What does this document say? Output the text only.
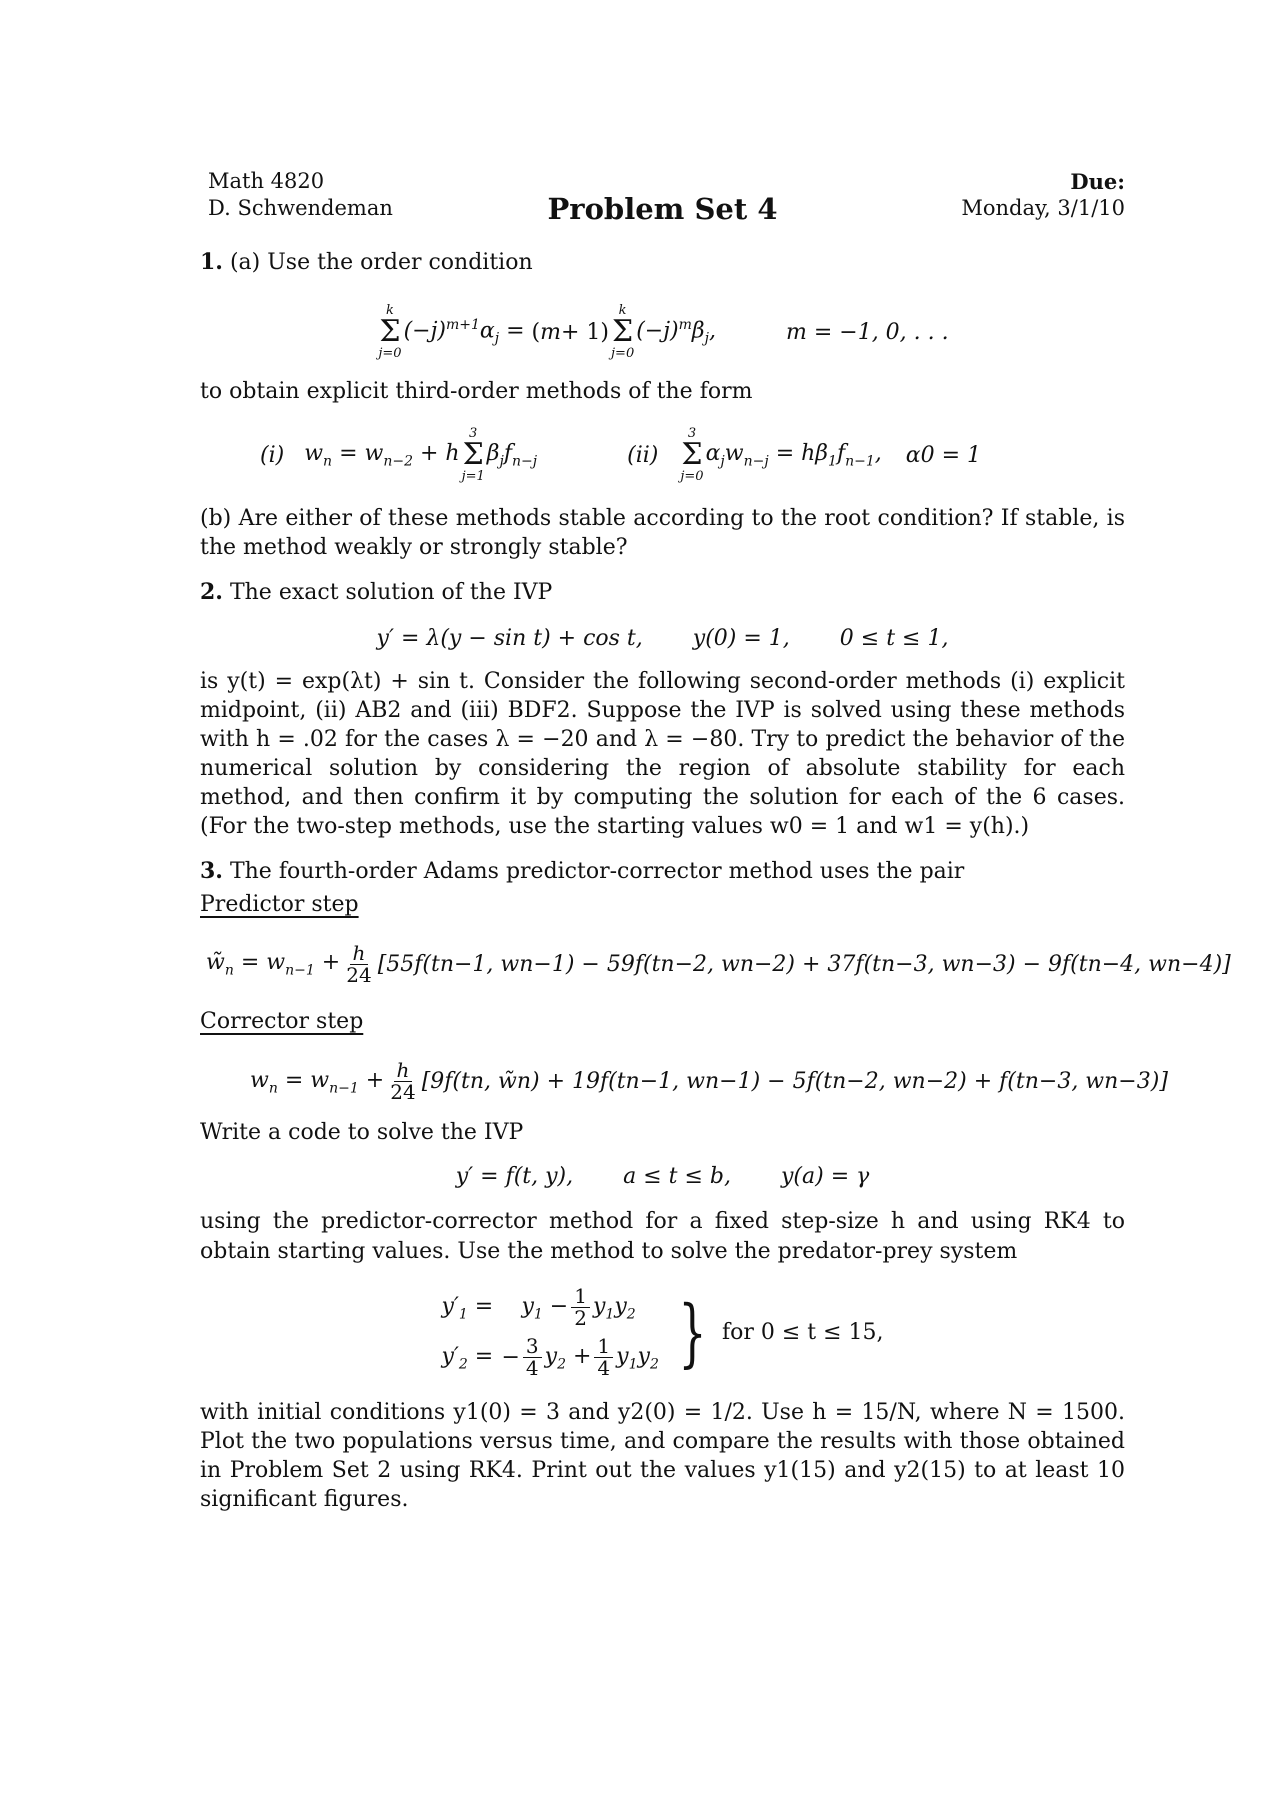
Math 4820
D. Schwendeman	Problem Set 4
Due:
Monday, 3/1/10

1. (a) Use the order condition

k
Σ
j=0
$(-j)^{m+1}\alpha_j$ = ( m + 1)
k
Σ
j=0
$(-j)^m\beta_j$,	m = −1, 0, . . .

to obtain explicit third-order methods of the form

(i) $w_n = w_{n-2} + h$
3
Σ
j=1
$\beta_jf_{n-j}$	(ii)
3
Σ
j=0
$\alpha_jw_{n-j} = h\beta_1f_{n-1}$, α0 = 1

(b) Are either of these methods stable according to the root condition? If stable, is the method weakly or strongly stable?

2. The exact solution of the IVP

y′ = λ(y − sin t) + cos t, y(0) = 1, 0 ≤ t ≤ 1,

is y(t) = exp(λt) + sin t. Consider the following second-order methods (i) explicit midpoint, (ii) AB2 and (iii) BDF2. Suppose the IVP is solved using these methods with h = .02 for the cases λ = −20 and λ = −80. Try to predict the behavior of the numerical solution by considering the region of absolute stability for each method, and then confirm it by computing the solution for each of the 6 cases. (For the two-step methods, use the starting values w0 = 1 and w1 = y(h).)

3. The fourth-order Adams predictor-corrector method uses the pair

Predictor step

$w̃_n = w_{n-1} + \frac{h}{24} [55f(tn-1$, wn−1) − 59f(tn−2, wn−2) + 37f(tn−3, wn−3) − 9f(tn−4, wn−4)]

Corrector step

$w_n = w_{n-1} + \frac{h}{24} [9f(tn$, w̃n) + 19f(tn−1, wn−1) − 5f(tn−2, wn−2) + f(tn−3, wn−3)]

Write a code to solve the IVP

y′ = f(t, y), a ≤ t ≤ b, y(a) = γ

using the predictor-corrector method for a fixed step-size h and using RK4 to obtain starting values. Use the method to solve the predator-prey system

$y'_1$ =	$y_1 - \frac{1}{2} y_1y_2$
$y'_2$ = − $\frac{3}{4} y_2 + \frac{1}{4} y_1y_2$ } for 0 ≤ t ≤ 15,

with initial conditions y1(0) = 3 and y2(0) = 1/2. Use h = 15/N, where N = 1500. Plot the two populations versus time, and compare the results with those obtained in Problem Set 2 using RK4. Print out the values y1(15) and y2(15) to at least 10 significant figures.
